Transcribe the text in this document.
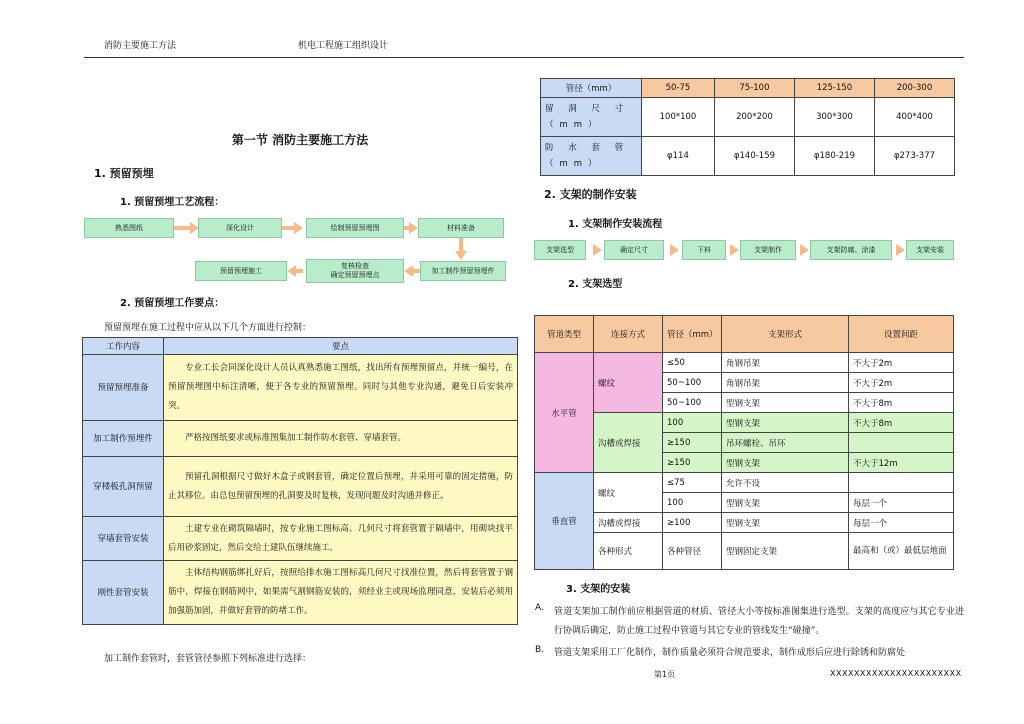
消防主要施工方法	机电工程施工组织设计
第一节 消防主要施工方法
1. 预留预埋
1. 预留预埋工艺流程：
熟悉图纸	深化设计	绘制预留预埋图	材料准备
预留预埋施工
复核检查
确定预留预埋点
加工制作预留预埋件
2. 预留预埋工作要点：
预留预埋在施工过程中应从以下几个方面进行控制：
工作内容	要点
预留预埋准备	专业工长会同深化设计人员认真熟悉施工图纸，找出所有预埋预留点，并统一编号，在预留预埋图中标注清晰，便于各专业的预留预埋。同时与其他专业沟通，避免日后安装冲突。
加工制作预埋件	严格按图纸要求或标准图集加工制作防水套管、穿墙套管。
穿楼板孔洞预留	预留孔洞根据尺寸做好木盒子或钢套管，确定位置后预埋，并采用可靠的固定措施，防止其移位。由总包预留预埋的孔洞要及时复核，发现问题及时沟通并修正。
穿墙套管安装	土建专业在砌筑隔墙时，按专业施工图标高、几何尺寸将套管置于隔墙中，用砌块找平后用砂浆固定，然后交给土建队伍继续施工。
刚性套管安装	主体结构钢筋绑扎好后，按照给排水施工图标高几何尺寸找准位置，然后将套管置于钢筋中，焊接在钢筋网中，如果需气割钢筋安装的，须经业主或现场监理同意，安装后必须用加强筋加固，并做好套管的防堵工作。
加工制作套管时，套管管径参照下列标准进行选择：
管径（mm）	50-75	75-100	125-150	200-300
留 洞 尺 寸（mm）	100*100	200*200	300*300	400*400
防 水 套 管（mm）	φ114	φ140-159	φ180-219	φ273-377
2. 支架的制作安装
1. 支架制作安装流程
支架选型	确定尺寸	下料	支架制作	支架防腐、涂漆	支架安装
2. 支架选型
管道类型	连接方式	管径（mm）	支架形式	设置间距
水平管	螺纹	≤50	角钢吊架	不大于2m
		50~100	角钢吊架	不大于2m
		50~100	型钢支架	不大于8m
	沟槽或焊接	100	型钢支架	不大于8m
		≥150	吊环螺栓、吊环	
		≥150	型钢支架	不大于12m
垂直管	螺纹	≤75	允许不设	
		100	型钢支架	每层一个
	沟槽或焊接	≥100	型钢支架	每层一个
	各种形式	各种管径	型钢固定支架	最高和（或）最低层地面
3. 支架的安装
A. 管道支架加工制作前应根据管道的材质、管径大小等按标准图集进行选型。支架的高度应与其它专业进行协调后确定，防止施工过程中管道与其它专业的管线发生“碰撞”。
B. 管道支架采用工厂化制作，制作质量必须符合规范要求，制作成形后应进行除锈和防腐处
第1页	XXXXXXXXXXXXXXXXXXXXXX
